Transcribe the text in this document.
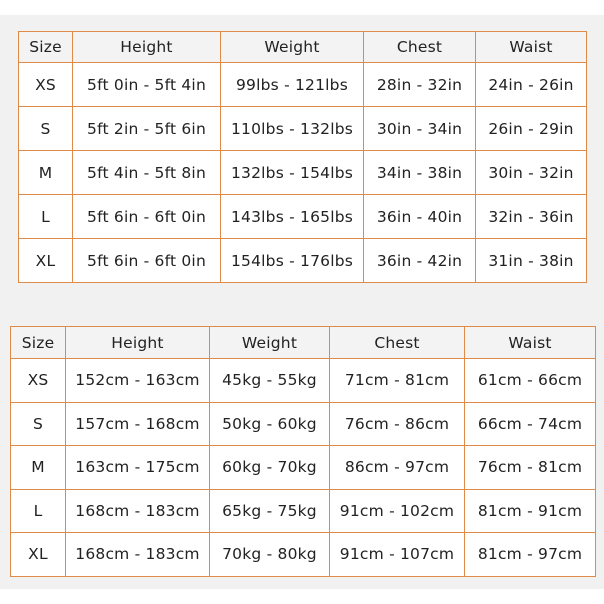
Size	Height	Weight	Chest	Waist
XS	5ft 0in - 5ft 4in	99lbs - 121lbs	28in - 32in	24in - 26in
S	5ft 2in - 5ft 6in	110lbs - 132lbs	30in - 34in	26in - 29in
M	5ft 4in - 5ft 8in	132lbs - 154lbs	34in - 38in	30in - 32in
L	5ft 6in - 6ft 0in	143lbs - 165lbs	36in - 40in	32in - 36in
XL	5ft 6in - 6ft 0in	154lbs - 176lbs	36in - 42in	31in - 38in
Size	Height	Weight	Chest	Waist
XS	152cm - 163cm	45kg - 55kg	71cm - 81cm	61cm - 66cm
S	157cm - 168cm	50kg - 60kg	76cm - 86cm	66cm - 74cm
M	163cm - 175cm	60kg - 70kg	86cm - 97cm	76cm - 81cm
L	168cm - 183cm	65kg - 75kg	91cm - 102cm	81cm - 91cm
XL	168cm - 183cm	70kg - 80kg	91cm - 107cm	81cm - 97cm
